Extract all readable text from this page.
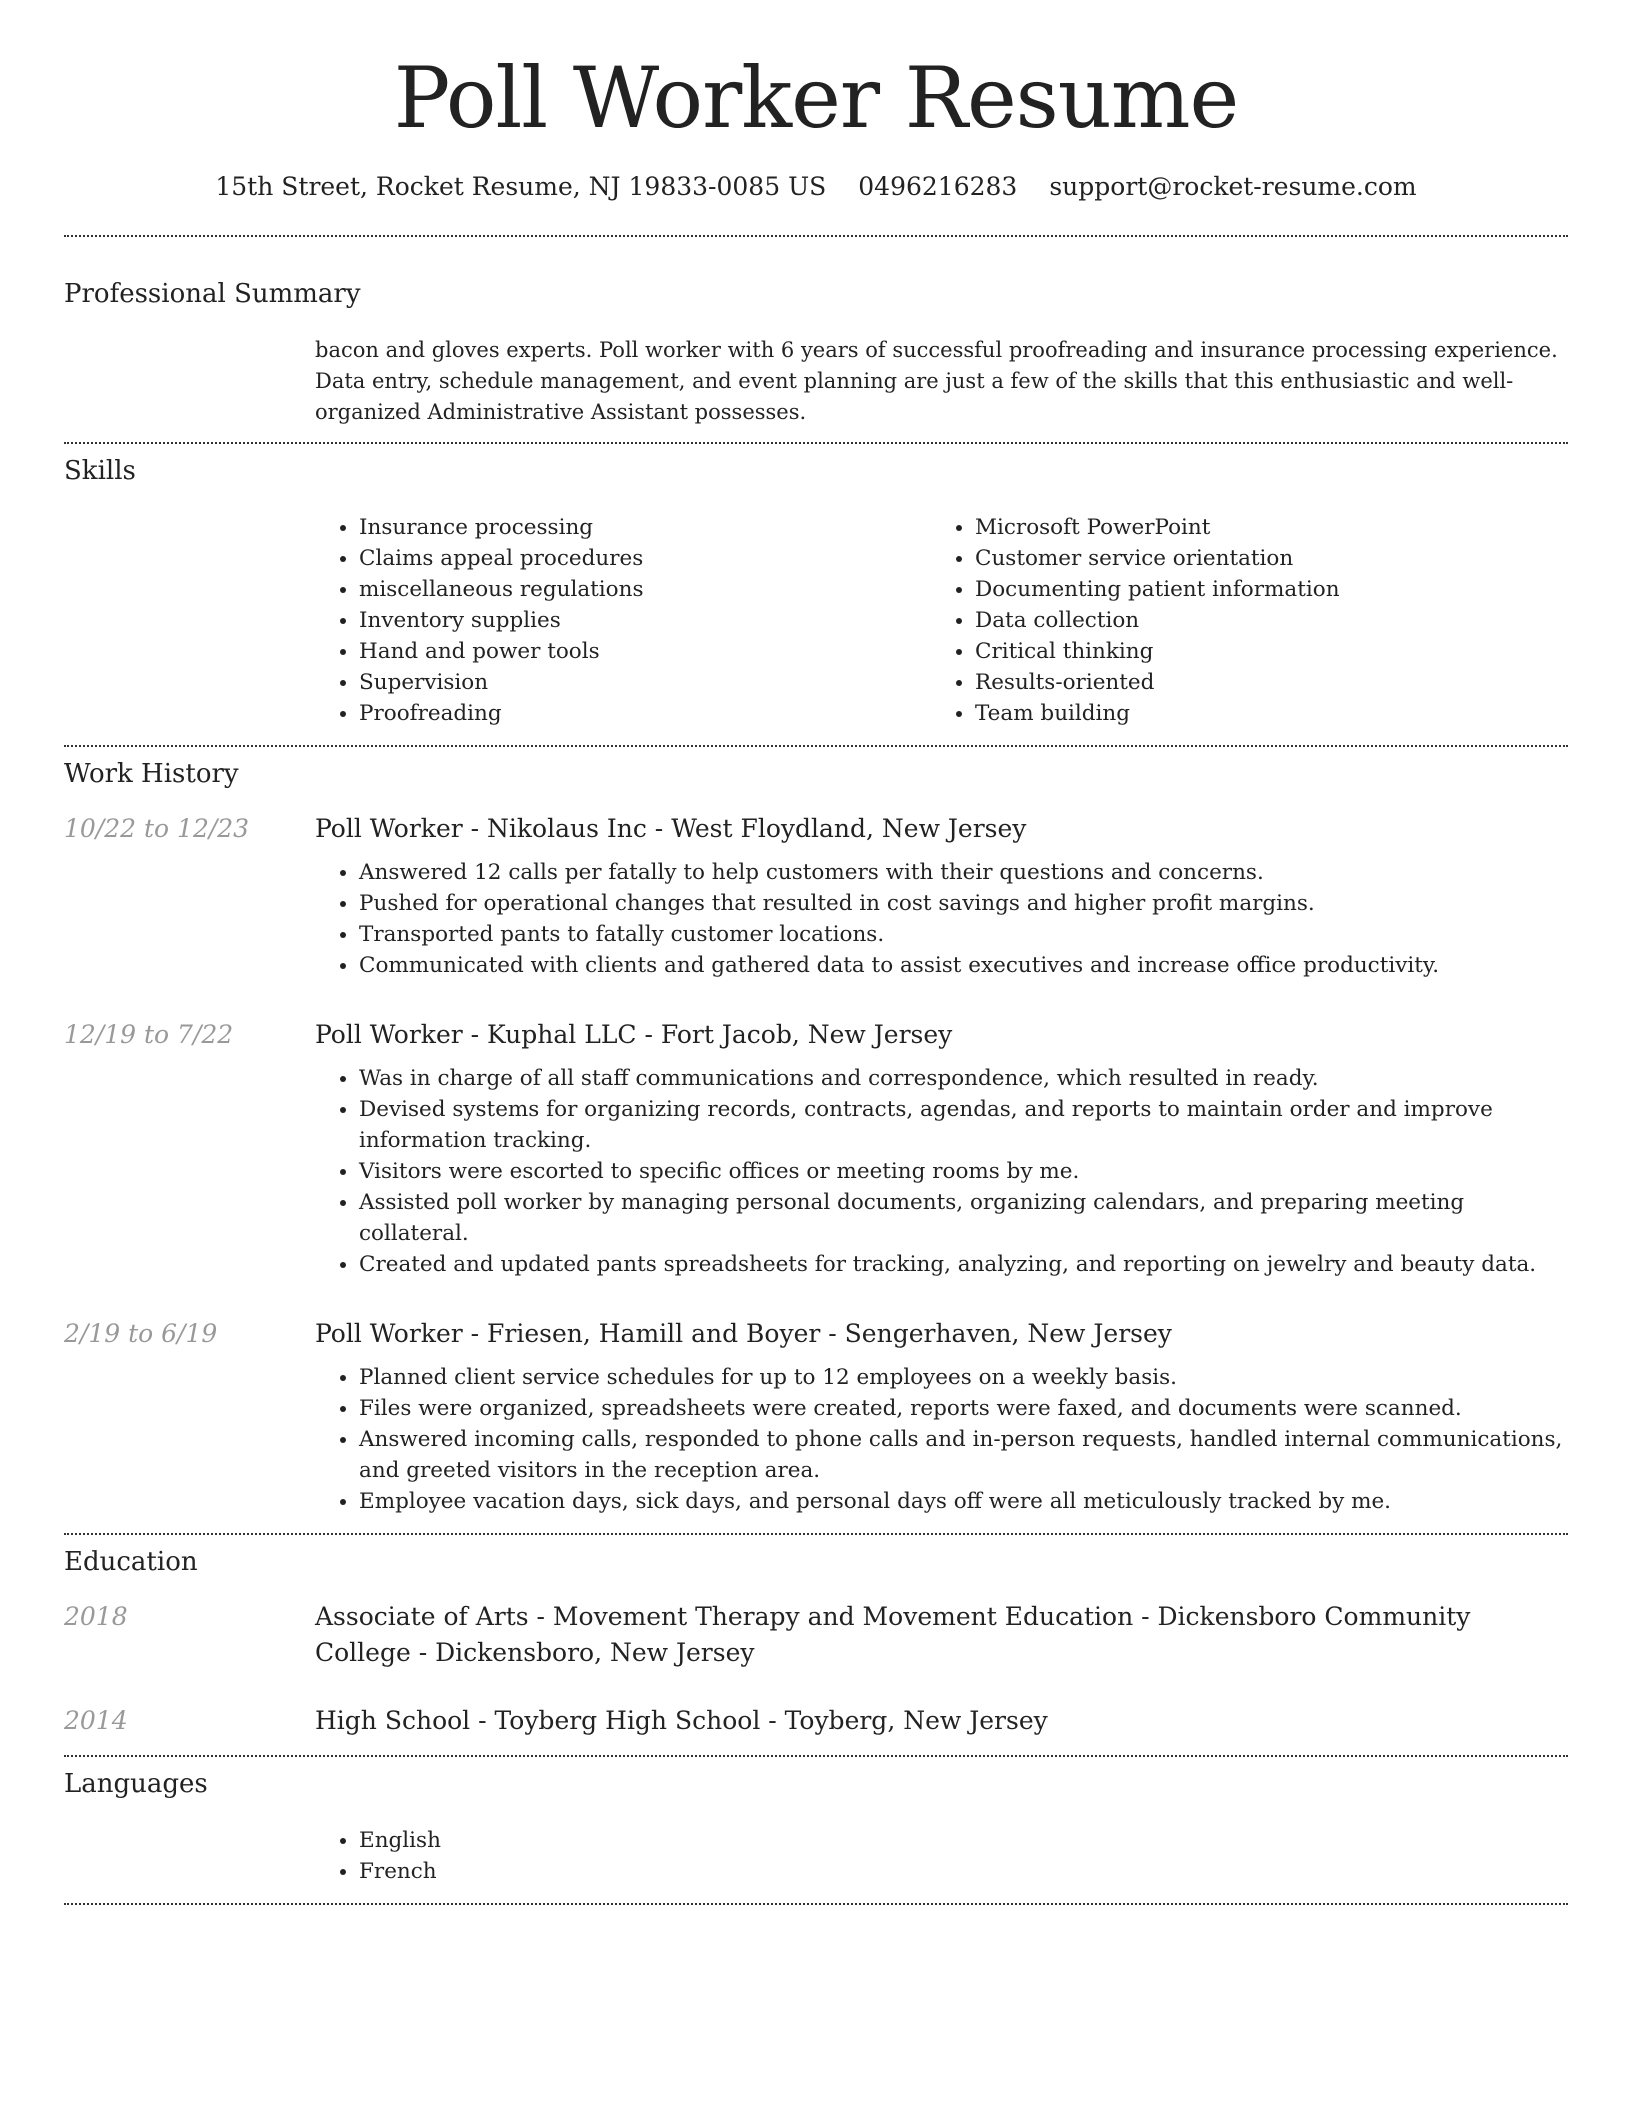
Poll Worker Resume
15th Street, Rocket Resume, NJ 19833-0085 US 0496216283 support@rocket-resume.com
Professional Summary

bacon and gloves experts. Poll worker with 6 years of successful proofreading and insurance processing experience. Data entry, schedule management, and event planning are just a few of the skills that this enthusiastic and well-organized Administrative Assistant possesses.

Skills
• Insurance processing
• Claims appeal procedures
• miscellaneous regulations
• Inventory supplies
• Hand and power tools
• Supervision
• Proofreading
• Microsoft PowerPoint
• Customer service orientation
• Documenting patient information
• Data collection
• Critical thinking
• Results-oriented
• Team building
Work History
10/22 to 12/23	Poll Worker - Nikolaus Inc - West Floydland, New Jersey

• Answered 12 calls per fatally to help customers with their questions and concerns.
• Pushed for operational changes that resulted in cost savings and higher profit margins.
• Transported pants to fatally customer locations.
• Communicated with clients and gathered data to assist executives and increase office productivity.
12/19 to 7/22	Poll Worker - Kuphal LLC - Fort Jacob, New Jersey

• Was in charge of all staff communications and correspondence, which resulted in ready.
• Devised systems for organizing records, contracts, agendas, and reports to maintain order and improve information tracking.
• Visitors were escorted to specific offices or meeting rooms by me.
• Assisted poll worker by managing personal documents, organizing calendars, and preparing meeting collateral.
• Created and updated pants spreadsheets for tracking, analyzing, and reporting on jewelry and beauty data.
2/19 to 6/19	Poll Worker - Friesen, Hamill and Boyer - Sengerhaven, New Jersey

• Planned client service schedules for up to 12 employees on a weekly basis.
• Files were organized, spreadsheets were created, reports were faxed, and documents were scanned.
• Answered incoming calls, responded to phone calls and in-person requests, handled internal communications, and greeted visitors in the reception area.
• Employee vacation days, sick days, and personal days off were all meticulously tracked by me.
Education
2018	Associate of Arts - Movement Therapy and Movement Education - Dickensboro Community College - Dickensboro, New Jersey

2014	High School - Toyberg High School - Toyberg, New Jersey

Languages
• English
• French
